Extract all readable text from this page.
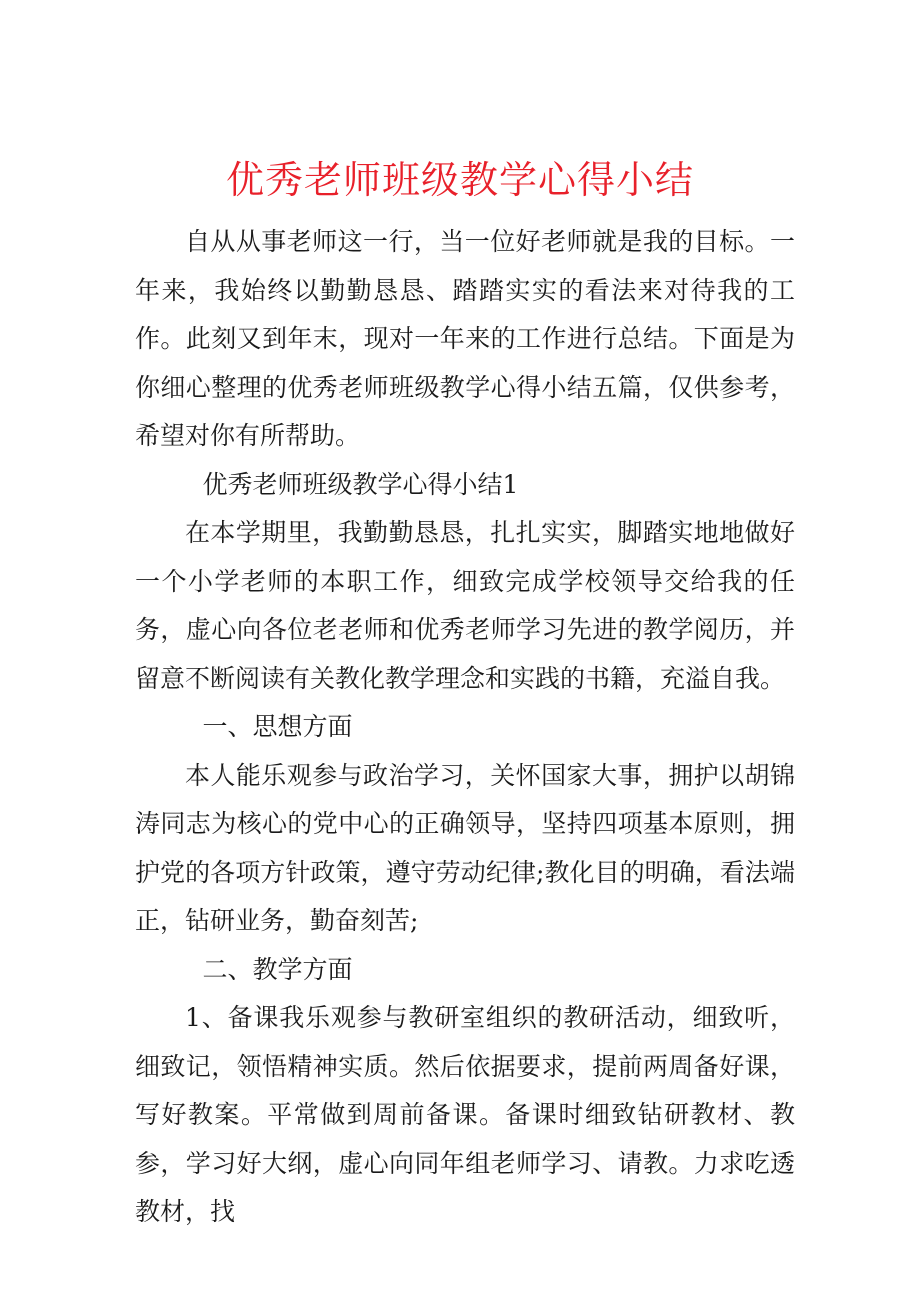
优秀老师班级教学心得小结

自从从事老师这一行，当一位好老师就是我的目标。一年来，我始终以勤勤恳恳、踏踏实实的看法来对待我的工作。此刻又到年末，现对一年来的工作进行总结。下面是为你细心整理的优秀老师班级教学心得小结五篇，仅供参考，希望对你有所帮助。

优秀老师班级教学心得小结1

在本学期里，我勤勤恳恳，扎扎实实，脚踏实地地做好一个小学老师的本职工作，细致完成学校领导交给我的任务，虚心向各位老老师和优秀老师学习先进的教学阅历，并留意不断阅读有关教化教学理念和实践的书籍，充溢自我。

一、思想方面

本人能乐观参与政治学习，关怀国家大事，拥护以胡锦涛同志为核心的党中心的正确领导，坚持四项基本原则，拥护党的各项方针政策，遵守劳动纪律;教化目的明确，看法端正，钻研业务，勤奋刻苦;

二、教学方面

1、备课我乐观参与教研室组织的教研活动，细致听，细致记，领悟精神实质。然后依据要求，提前两周备好课，写好教案。平常做到周前备课。备课时细致钻研教材、教参，学习好大纲，虚心向同年组老师学习、请教。力求吃透教材，找
